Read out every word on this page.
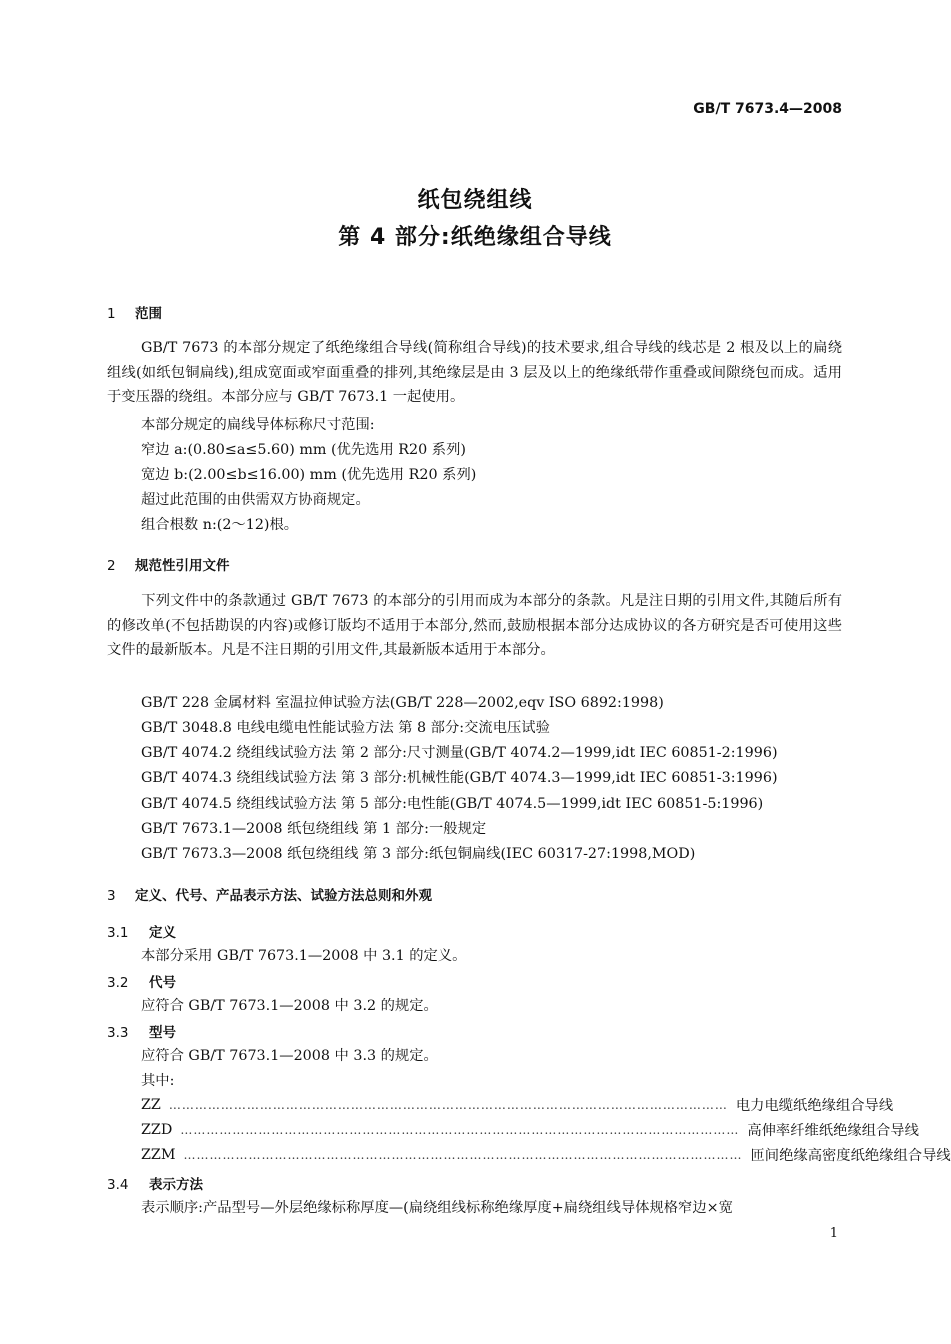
GB/T 7673.4—2008
纸包绕组线
第 4 部分:纸绝缘组合导线
1 范围
GB/T 7673 的本部分规定了纸绝缘组合导线(简称组合导线)的技术要求,组合导线的线芯是 2 根及以上的扁绕组线(如纸包铜扁线),组成宽面或窄面重叠的排列,其绝缘层是由 3 层及以上的绝缘纸带作重叠或间隙绕包而成。适用于变压器的绕组。本部分应与 GB/T 7673.1 一起使用。
本部分规定的扁线导体标称尺寸范围:
窄边 a:(0.80≤a≤5.60) mm (优先选用 R20 系列)
宽边 b:(2.00≤b≤16.00) mm (优先选用 R20 系列)
超过此范围的由供需双方协商规定。
组合根数 n:(2～12)根。
2 规范性引用文件
下列文件中的条款通过 GB/T 7673 的本部分的引用而成为本部分的条款。凡是注日期的引用文件,其随后所有的修改单(不包括勘误的内容)或修订版均不适用于本部分,然而,鼓励根据本部分达成协议的各方研究是否可使用这些文件的最新版本。凡是不注日期的引用文件,其最新版本适用于本部分。
GB/T 228 金属材料 室温拉伸试验方法(GB/T 228—2002,eqv ISO 6892:1998)
GB/T 3048.8 电线电缆电性能试验方法 第 8 部分:交流电压试验
GB/T 4074.2 绕组线试验方法 第 2 部分:尺寸测量(GB/T 4074.2—1999,idt IEC 60851-2:1996)
GB/T 4074.3 绕组线试验方法 第 3 部分:机械性能(GB/T 4074.3—1999,idt IEC 60851-3:1996)
GB/T 4074.5 绕组线试验方法 第 5 部分:电性能(GB/T 4074.5—1999,idt IEC 60851-5:1996)
GB/T 7673.1—2008 纸包绕组线 第 1 部分:一般规定
GB/T 7673.3—2008 纸包绕组线 第 3 部分:纸包铜扁线(IEC 60317-27:1998,MOD)
3 定义、代号、产品表示方法、试验方法总则和外观
3.1 定义
本部分采用 GB/T 7673.1—2008 中 3.1 的定义。
3.2 代号
应符合 GB/T 7673.1—2008 中 3.2 的规定。
3.3 型号
应符合 GB/T 7673.1—2008 中 3.3 的规定。
其中:
ZZ ………………………………………………………………………………………………………………… 电力电缆纸绝缘组合导线
ZZD ………………………………………………………………………………………………………………… 高伸率纤维纸绝缘组合导线
ZZM ………………………………………………………………………………………………………………… 匝间绝缘高密度纸绝缘组合导线
3.4 表示方法
表示顺序:产品型号—外层绝缘标称厚度—(扁绕组线标称绝缘厚度+扁绕组线导体规格窄边×宽
1
